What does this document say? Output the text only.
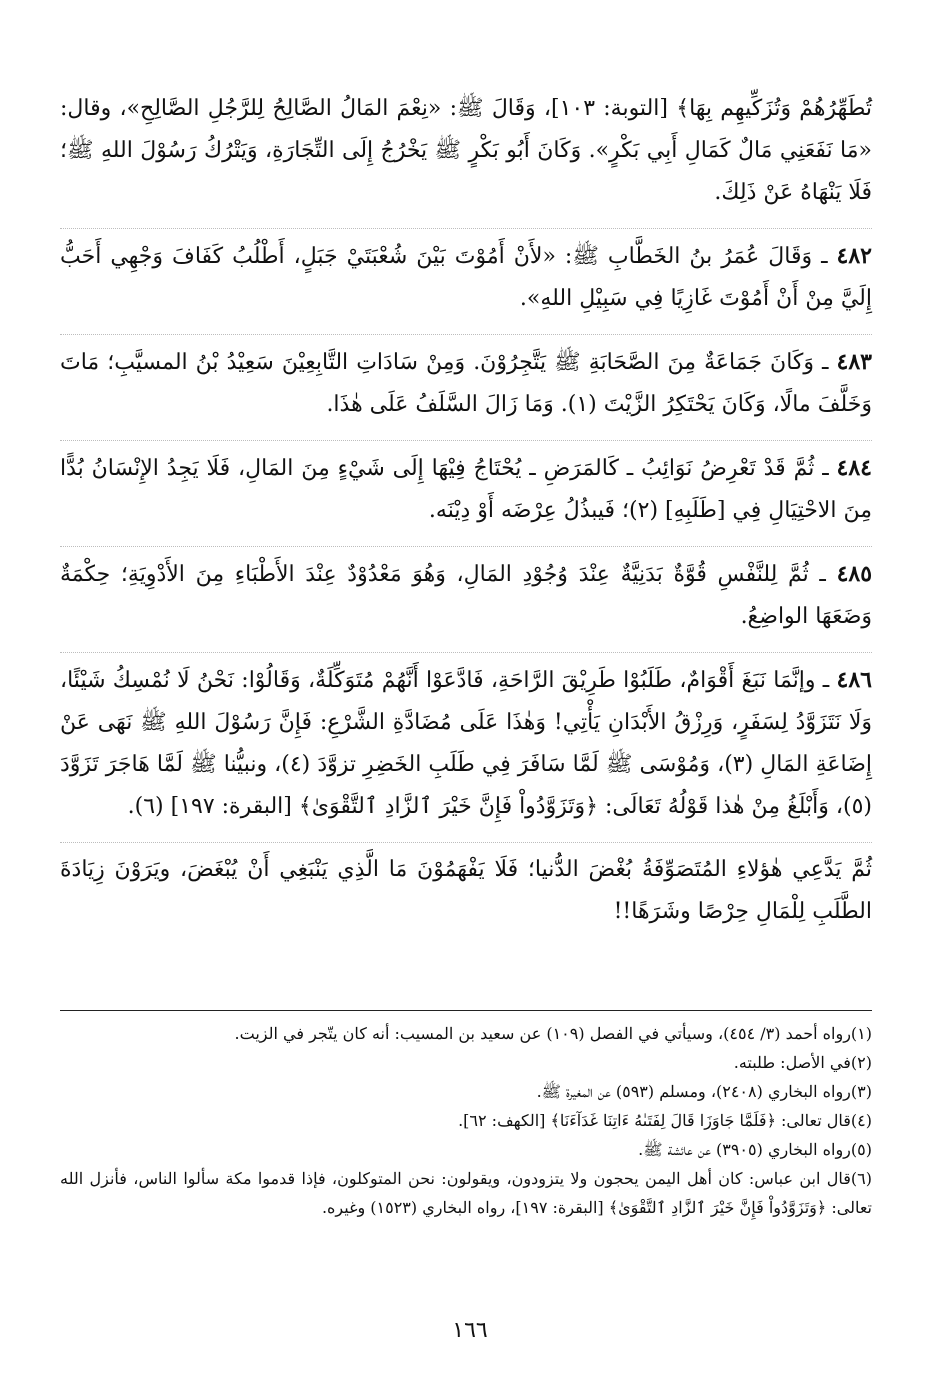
تُطَهِّرُهُمْ وَتُزَكِّيهِم بِهَا﴾ [التوبة: ١٠٣]، وَقَالَ ﷺ: «نِعْمَ المَالُ الصَّالِحُ لِلرَّجُلِ الصَّالِحِ»، وقال: «مَا نَفَعَنِي مَالٌ كَمَالِ أَبِي بَكْرٍ». وَكَانَ أَبُو بَكْرٍ ﷺ يَخْرُجُ إِلَى التِّجَارَةِ، وَيَتْرُكُ رَسُوْلَ اللهِ ﷺ؛ فَلَا يَنْهَاهُ عَنْ ذَلِكَ.

٤٨٢ ـ وَقَالَ عُمَرُ بنُ الخَطَّابِ ﷺ: «لأَنْ أَمُوْتَ بَيْنَ شُعْبَتَيْ جَبَلٍ، أَطْلُبُ كَفَافَ وَجْهِي أَحَبُّ إِلَيَّ مِنْ أَنْ أَمُوْتَ غَازِيًا فِي سَبِيْلِ اللهِ».

٤٨٣ ـ وَكَانَ جَمَاعَةٌ مِنَ الصَّحَابَةِ ﷺ يَتَّجِرُوْنَ. وَمِنْ سَادَاتِ التَّابِعِيْنَ سَعِيْدُ بْنُ المسيَّبِ؛ مَاتَ وَخَلَّفَ مالًا، وَكَانَ يَحْتَكِرُ الزَّيْتَ (١). وَمَا زَالَ السَّلَفُ عَلَى هٰذَا.

٤٨٤ ـ ثُمَّ قَدْ تَعْرِضُ نَوَائِبُ ـ كَالمَرَضِ ـ يُحْتَاجُ فِيْهَا إِلَى شَيْءٍ مِنَ المَالِ، فَلَا يَجِدُ الإِنْسَانُ بُدًّا مِنَ الاحْتِيَالِ فِي [طَلَبِهِ] (٢)؛ فَيبذُلُ عِرْضَه أَوْ دِيْنَه.

٤٨٥ ـ ثُمَّ لِلنَّفْسِ قُوَّةٌ بَدَنِيَّةٌ عِنْدَ وُجُوْدِ المَالِ، وَهُوَ مَعْدُوْدٌ عِنْدَ الأَطْبَاءِ مِنَ الأَدْوِيَةِ؛ حِكْمَةٌ وَضَعَهَا الواضِعُ.

٤٨٦ ـ وإنَّمَا نَبَغَ أَقْوَامٌ، طَلَبُوْا طَرِيْقَ الرَّاحَةِ، فَادَّعَوْا أَنَّهُمْ مُتَوَكِّلَةٌ، وَقَالُوْا: نَحْنُ لَا نُمْسِكُ شَيْئًا، وَلَا نَتَزَوَّدُ لِسَفَرٍ، وَرِزْقُ الأَبْدَانِ يَأْتِي! وَهٰذَا عَلَى مُضَادَّةِ الشَّرْعِ: فَإِنَّ رَسُوْلَ اللهِ ﷺ نَهَى عَنْ إِضَاعَةِ المَالِ (٣)، وَمُوْسَى ﷺ لَمَّا سَافَرَ فِي طَلَبِ الخَضِرِ تزوَّدَ (٤)، ونبيُّنا ﷺ لَمَّا هَاجَرَ تَزَوَّدَ (٥)، وَأَبْلَغُ مِنْ هٰذا قَوْلُهُ تَعَالَى: ﴿وَتَزَوَّدُواْ فَإِنَّ خَيْرَ ٱلزَّادِ ٱلتَّقْوَىٰ﴾ [البقرة: ١٩٧] (٦).

ثُمَّ يَدَّعِي هٰؤلاءِ المُتَصَوِّفَةُ بُغْضَ الدُّنيا؛ فَلَا يَفْهَمُوْنَ مَا الَّذِي يَنْبَغِي أَنْ يُبْغَضَ، ويَرَوْنَ زِيَادَةَ الطَّلَبِ لِلْمَالِ حِرْصًا وشَرَهًا!!

(١)رواه أحمد (٣/ ٤٥٤)، وسيأتي في الفصل (١٠٩) عن سعيد بن المسيب: أنه كان يتّجر في الزيت.

(٢)في الأصل: طلبته.

(٣)رواه البخاري (٢٤٠٨)، ومسلم (٥٩٣) عن المغيرة ﷺ.

(٤)قال تعالى: ﴿فَلَمَّا جَاوَزَا قَالَ لِفَتَىٰهُ ءَاتِنَا غَدَآءَنَا﴾ [الكهف: ٦٢].

(٥)رواه البخاري (٣٩٠٥) عن عائشة ﷺ.

(٦)قال ابن عباس: كان أهل اليمن يحجون ولا يتزودون، ويقولون: نحن المتوكلون، فإذا قدموا مكة سألوا الناس، فأنزل الله تعالى: ﴿وَتَزَوَّدُواْ فَإِنَّ خَيْرَ ٱلزَّادِ ٱلتَّقْوَىٰ﴾ [البقرة: ١٩٧]، رواه البخاري (١٥٢٣) وغيره.

١٦٦
